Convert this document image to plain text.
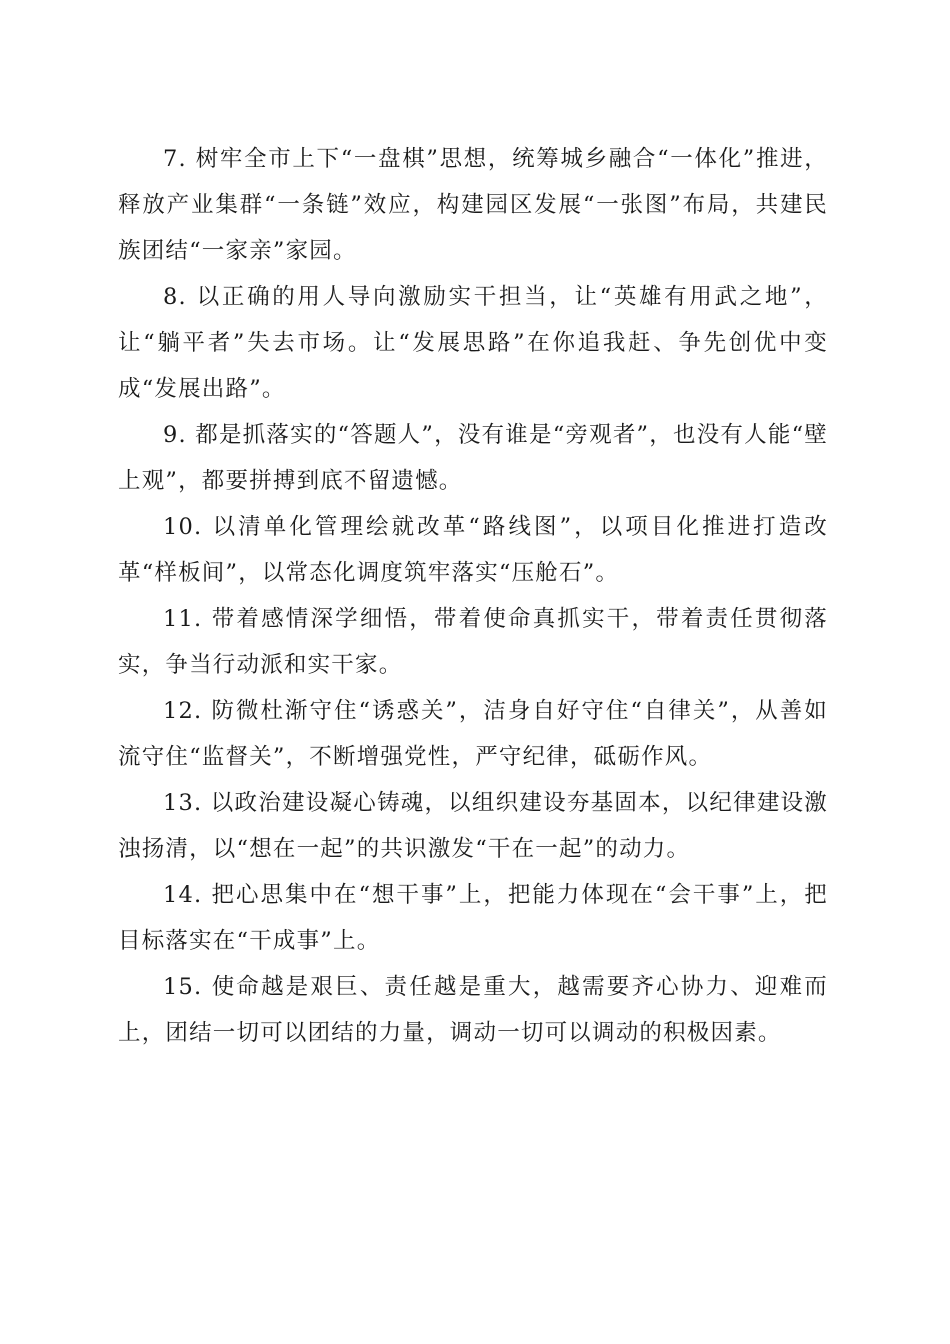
7. 树牢全市上下“一盘棋”思想，统筹城乡融合“一体化”推进，释放产业集群“一条链”效应，构建园区发展“一张图”布局，共建民族团结“一家亲”家园。

8. 以正确的用人导向激励实干担当，让“英雄有用武之地”，让“躺平者”失去市场。让“发展思路”在你追我赶、争先创优中变成“发展出路”。

9. 都是抓落实的“答题人”，没有谁是“旁观者”，也没有人能“壁上观”，都要拼搏到底不留遗憾。

10. 以清单化管理绘就改革“路线图”，以项目化推进打造改革“样板间”，以常态化调度筑牢落实“压舱石”。

11. 带着感情深学细悟，带着使命真抓实干，带着责任贯彻落实，争当行动派和实干家。

12. 防微杜渐守住“诱惑关”，洁身自好守住“自律关”，从善如流守住“监督关”，不断增强党性，严守纪律，砥砺作风。

13. 以政治建设凝心铸魂，以组织建设夯基固本，以纪律建设激浊扬清，以“想在一起”的共识激发“干在一起”的动力。

14. 把心思集中在“想干事”上，把能力体现在“会干事”上，把目标落实在“干成事”上。

15. 使命越是艰巨、责任越是重大，越需要齐心协力、迎难而上，团结一切可以团结的力量，调动一切可以调动的积极因素。
